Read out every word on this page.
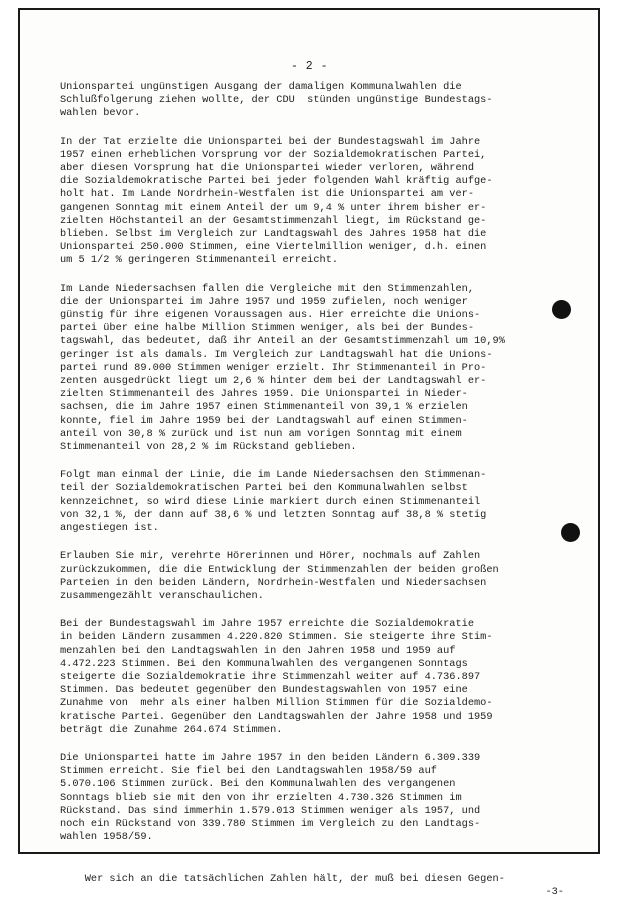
- 2 -
Unionspartei ungünstigen Ausgang der damaligen Kommunalwahlen die
Schlußfolgerung ziehen wollte, der CDU  stünden ungünstige Bundestags-
wahlen bevor.
In der Tat erzielte die Unionspartei bei der Bundestagswahl im Jahre
1957 einen erheblichen Vorsprung vor der Sozialdemokratischen Partei,
aber diesen Vorsprung hat die Unionspartei wieder verloren, während
die Sozialdemokratische Partei bei jeder folgenden Wahl kräftig aufge-
holt hat. Im Lande Nordrhein-Westfalen ist die Unionspartei am ver-
gangenen Sonntag mit einem Anteil der um 9,4 % unter ihrem bisher er-
zielten Höchstanteil an der Gesamtstimmenzahl liegt, im Rückstand ge-
blieben. Selbst im Vergleich zur Landtagswahl des Jahres 1958 hat die
Unionspartei 250.000 Stimmen, eine Viertelmillion weniger, d.h. einen
um 5 1/2 % geringeren Stimmenanteil erreicht.
Im Lande Niedersachsen fallen die Vergleiche mit den Stimmenzahlen,
die der Unionspartei im Jahre 1957 und 1959 zufielen, noch weniger
günstig für ihre eigenen Voraussagen aus. Hier erreichte die Unions-
partei über eine halbe Million Stimmen weniger, als bei der Bundes-
tagswahl, das bedeutet, daß ihr Anteil an der Gesamtstimmenzahl um 10,9%
geringer ist als damals. Im Vergleich zur Landtagswahl hat die Unions-
partei rund 89.000 Stimmen weniger erzielt. Ihr Stimmenanteil in Pro-
zenten ausgedrückt liegt um 2,6 % hinter dem bei der Landtagswahl er-
zielten Stimmenanteil des Jahres 1959. Die Unionspartei in Nieder-
sachsen, die im Jahre 1957 einen Stimmenanteil von 39,1 % erzielen
konnte, fiel im Jahre 1959 bei der Landtagswahl auf einen Stimmen-
anteil von 30,8 % zurück und ist nun am vorigen Sonntag mit einem
Stimmenanteil von 28,2 % im Rückstand geblieben.
Folgt man einmal der Linie, die im Lande Niedersachsen den Stimmenan-
teil der Sozialdemokratischen Partei bei den Kommunalwahlen selbst
kennzeichnet, so wird diese Linie markiert durch einen Stimmenanteil
von 32,1 %, der dann auf 38,6 % und letzten Sonntag auf 38,8 % stetig
angestiegen ist.
Erlauben Sie mir, verehrte Hörerinnen und Hörer, nochmals auf Zahlen
zurückzukommen, die die Entwicklung der Stimmenzahlen der beiden großen
Parteien in den beiden Ländern, Nordrhein-Westfalen und Niedersachsen
zusammengezählt veranschaulichen.
Bei der Bundestagswahl im Jahre 1957 erreichte die Sozialdemokratie
in beiden Ländern zusammen 4.220.820 Stimmen. Sie steigerte ihre Stim-
menzahlen bei den Landtagswahlen in den Jahren 1958 und 1959 auf
4.472.223 Stimmen. Bei den Kommunalwahlen des vergangenen Sonntags
steigerte die Sozialdemokratie ihre Stimmenzahl weiter auf 4.736.897
Stimmen. Das bedeutet gegenüber den Bundestagswahlen von 1957 eine
Zunahme von  mehr als einer halben Million Stimmen für die Sozialdemo-
kratische Partei. Gegenüber den Landtagswahlen der Jahre 1958 und 1959
beträgt die Zunahme 264.674 Stimmen.
Die Unionspartei hatte im Jahre 1957 in den beiden Ländern 6.309.339
Stimmen erreicht. Sie fiel bei den Landtagswahlen 1958/59 auf
5.070.106 Stimmen zurück. Bei den Kommunalwahlen des vergangenen
Sonntags blieb sie mit den von ihr erzielten 4.730.326 Stimmen im
Rückstand. Das sind immerhin 1.579.013 Stimmen weniger als 1957, und
noch ein Rückstand von 339.780 Stimmen im Vergleich zu den Landtags-
wahlen 1958/59.

Wer sich an die tatsächlichen Zahlen hält, der muß bei diesen Gegen-

-3-
